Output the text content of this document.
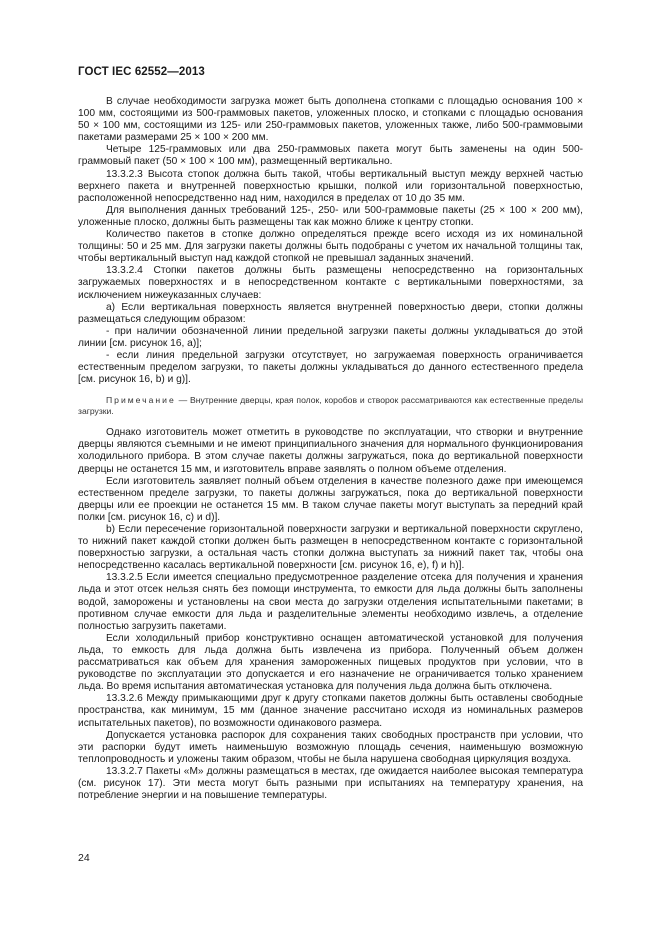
ГОСТ IEC 62552—2013

В случае необходимости загрузка может быть дополнена стопками с площадью основания 100 × 100 мм, состоящими из 500-граммовых пакетов, уложенных плоско, и стопками с площадью основания 50 × 100 мм, состоящими из 125- или 250-граммовых пакетов, уложенных также, либо 500-граммовыми пакетами размерами 25 × 100 × 200 мм.

Четыре 125-граммовых или два 250-граммовых пакета могут быть заменены на один 500-граммовый пакет (50 × 100 × 100 мм), размещенный вертикально.

13.3.2.3 Высота стопок должна быть такой, чтобы вертикальный выступ между верхней частью верхнего пакета и внутренней поверхностью крышки, полкой или горизонтальной поверхностью, расположенной непосредственно над ним, находился в пределах от 10 до 35 мм.

Для выполнения данных требований 125-, 250- или 500-граммовые пакеты (25 × 100 × 200 мм), уложенные плоско, должны быть размещены так как можно ближе к центру стопки.

Количество пакетов в стопке должно определяться прежде всего исходя из их номинальной толщины: 50 и 25 мм. Для загрузки пакеты должны быть подобраны с учетом их начальной толщины так, чтобы вертикальный выступ над каждой стопкой не превышал заданных значений.

13.3.2.4 Стопки пакетов должны быть размещены непосредственно на горизонтальных загружаемых поверхностях и в непосредственном контакте с вертикальными поверхностями, за исключением нижеуказанных случаев:

а) Если вертикальная поверхность является внутренней поверхностью двери, стопки должны размещаться следующим образом:

- при наличии обозначенной линии предельной загрузки пакеты должны укладываться до этой линии [см. рисунок 16, а)];

- если линия предельной загрузки отсутствует, но загружаемая поверхность ограничивается естественным пределом загрузки, то пакеты должны укладываться до данного естественного предела [см. рисунок 16, b) и g)].

Примечание — Внутренние дверцы, края полок, коробов и створок рассматриваются как естественные пределы загрузки.

Однако изготовитель может отметить в руководстве по эксплуатации, что створки и внутренние дверцы являются съемными и не имеют принципиального значения для нормального функционирования холодильного прибора. В этом случае пакеты должны загружаться, пока до вертикальной поверхности дверцы не останется 15 мм, и изготовитель вправе заявлять о полном объеме отделения.

Если изготовитель заявляет полный объем отделения в качестве полезного даже при имеющемся естественном пределе загрузки, то пакеты должны загружаться, пока до вертикальной поверхности дверцы или ее проекции не останется 15 мм. В таком случае пакеты могут выступать за передний край полки [см. рисунок 16, с) и d)].

b) Если пересечение горизонтальной поверхности загрузки и вертикальной поверхности скруглено, то нижний пакет каждой стопки должен быть размещен в непосредственном контакте с горизонтальной поверхностью загрузки, а остальная часть стопки должна выступать за нижний пакет так, чтобы она непосредственно касалась вертикальной поверхности [см. рисунок 16, е), f) и h)].

13.3.2.5 Если имеется специально предусмотренное разделение отсека для получения и хранения льда и этот отсек нельзя снять без помощи инструмента, то емкости для льда должны быть заполнены водой, заморожены и установлены на свои места до загрузки отделения испытательными пакетами; в противном случае емкости для льда и разделительные элементы необходимо извлечь, а отделение полностью загрузить пакетами.

Если холодильный прибор конструктивно оснащен автоматической установкой для получения льда, то емкость для льда должна быть извлечена из прибора. Полученный объем должен рассматриваться как объем для хранения замороженных пищевых продуктов при условии, что в руководстве по эксплуатации это допускается и его назначение не ограничивается только хранением льда. Во время испытания автоматическая установка для получения льда должна быть отключена.

13.3.2.6 Между примыкающими друг к другу стопками пакетов должны быть оставлены свободные пространства, как минимум, 15 мм (данное значение рассчитано исходя из номинальных размеров испытательных пакетов), по возможности одинакового размера.

Допускается установка распорок для сохранения таких свободных пространств при условии, что эти распорки будут иметь наименьшую возможную площадь сечения, наименьшую возможную теплопроводность и уложены таким образом, чтобы не была нарушена свободная циркуляция воздуха.

13.3.2.7 Пакеты «М» должны размещаться в местах, где ожидается наиболее высокая температура (см. рисунок 17). Эти места могут быть разными при испытаниях на температуру хранения, на потребление энергии и на повышение температуры.

24
